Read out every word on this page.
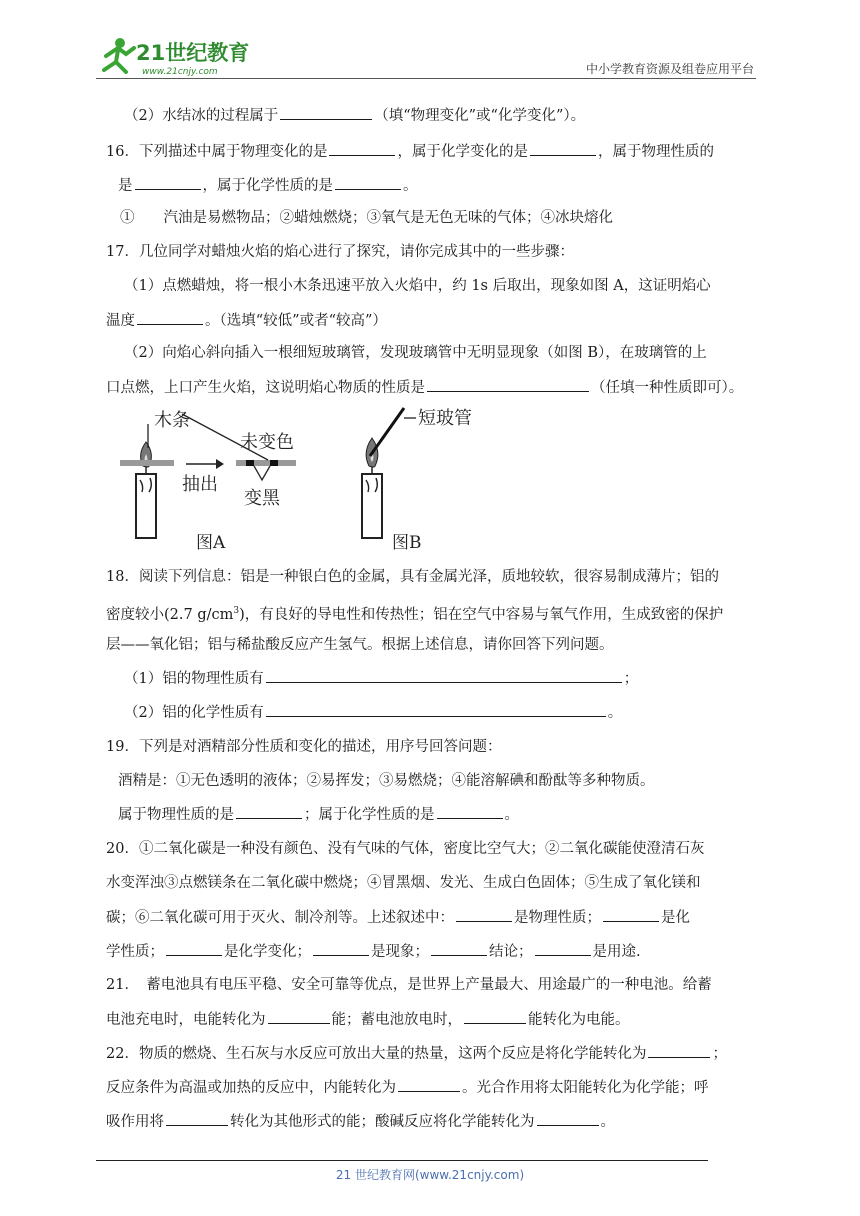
21世纪教育
www.21cnjy.com	中小学教育资源及组卷应用平台
（2）水结冰的过程属于	（填“物理变化”或“化学变化”）。
16．下列描述中属于物理变化的是	，属于化学变化的是	，属于物理性质的
是	，属于化学性质的是	。
①　　汽油是易燃物品；②蜡烛燃烧；③氧气是无色无味的气体；④冰块熔化
17．几位同学对蜡烛火焰的焰心进行了探究，请你完成其中的一些步骤：
（1）点燃蜡烛，将一根小木条迅速平放入火焰中，约 1s 后取出，现象如图 A，这证明焰心
温度	。（选填“较低”或者“较高”）
（2）向焰心斜向插入一根细短玻璃管，发现玻璃管中无明显现象（如图 B），在玻璃管的上
口点燃，上口产生火焰，这说明焰心物质的性质是	（任填一种性质即可）。
木条
抽出
未变色
变黑
图A
短玻管
图B
18．阅读下列信息：铝是一种银白色的金属，具有金属光泽，质地较软，很容易制成薄片；铝的
密度较小(2.7 $g/cm^3$)，有良好的导电性和传热性；铝在空气中容易与氧气作用，生成致密的保护
层——氧化铝；铝与稀盐酸反应产生氢气。根据上述信息，请你回答下列问题。
（1）铝的物理性质有	；
（2）铝的化学性质有	。
19．下列是对酒精部分性质和变化的描述，用序号回答问题：
酒精是：①无色透明的液体；②易挥发；③易燃烧；④能溶解碘和酚酞等多种物质。
属于物理性质的是	；属于化学性质的是	。
20．①二氧化碳是一种没有颜色、没有气味的气体，密度比空气大；②二氧化碳能使澄清石灰
水变浑浊③点燃镁条在二氧化碳中燃烧；④冒黑烟、发光、生成白色固体；⑤生成了氧化镁和
碳；⑥二氧化碳可用于灭火、制冷剂等。上述叙述中：	是物理性质；	是化
学性质；	是化学变化；	是现象；	结论；	是用途.
21．　蓄电池具有电压平稳、安全可靠等优点，是世界上产量最大、用途最广的一种电池。给蓄
电池充电时，电能转化为	能；蓄电池放电时，	能转化为电能。
22．物质的燃烧、生石灰与水反应可放出大量的热量，这两个反应是将化学能转化为	；
反应条件为高温或加热的反应中，内能转化为	。光合作用将太阳能转化为化学能；呼
吸作用将	转化为其他形式的能；酸碱反应将化学能转化为	。
21 世纪教育网(www.21cnjy.com)
